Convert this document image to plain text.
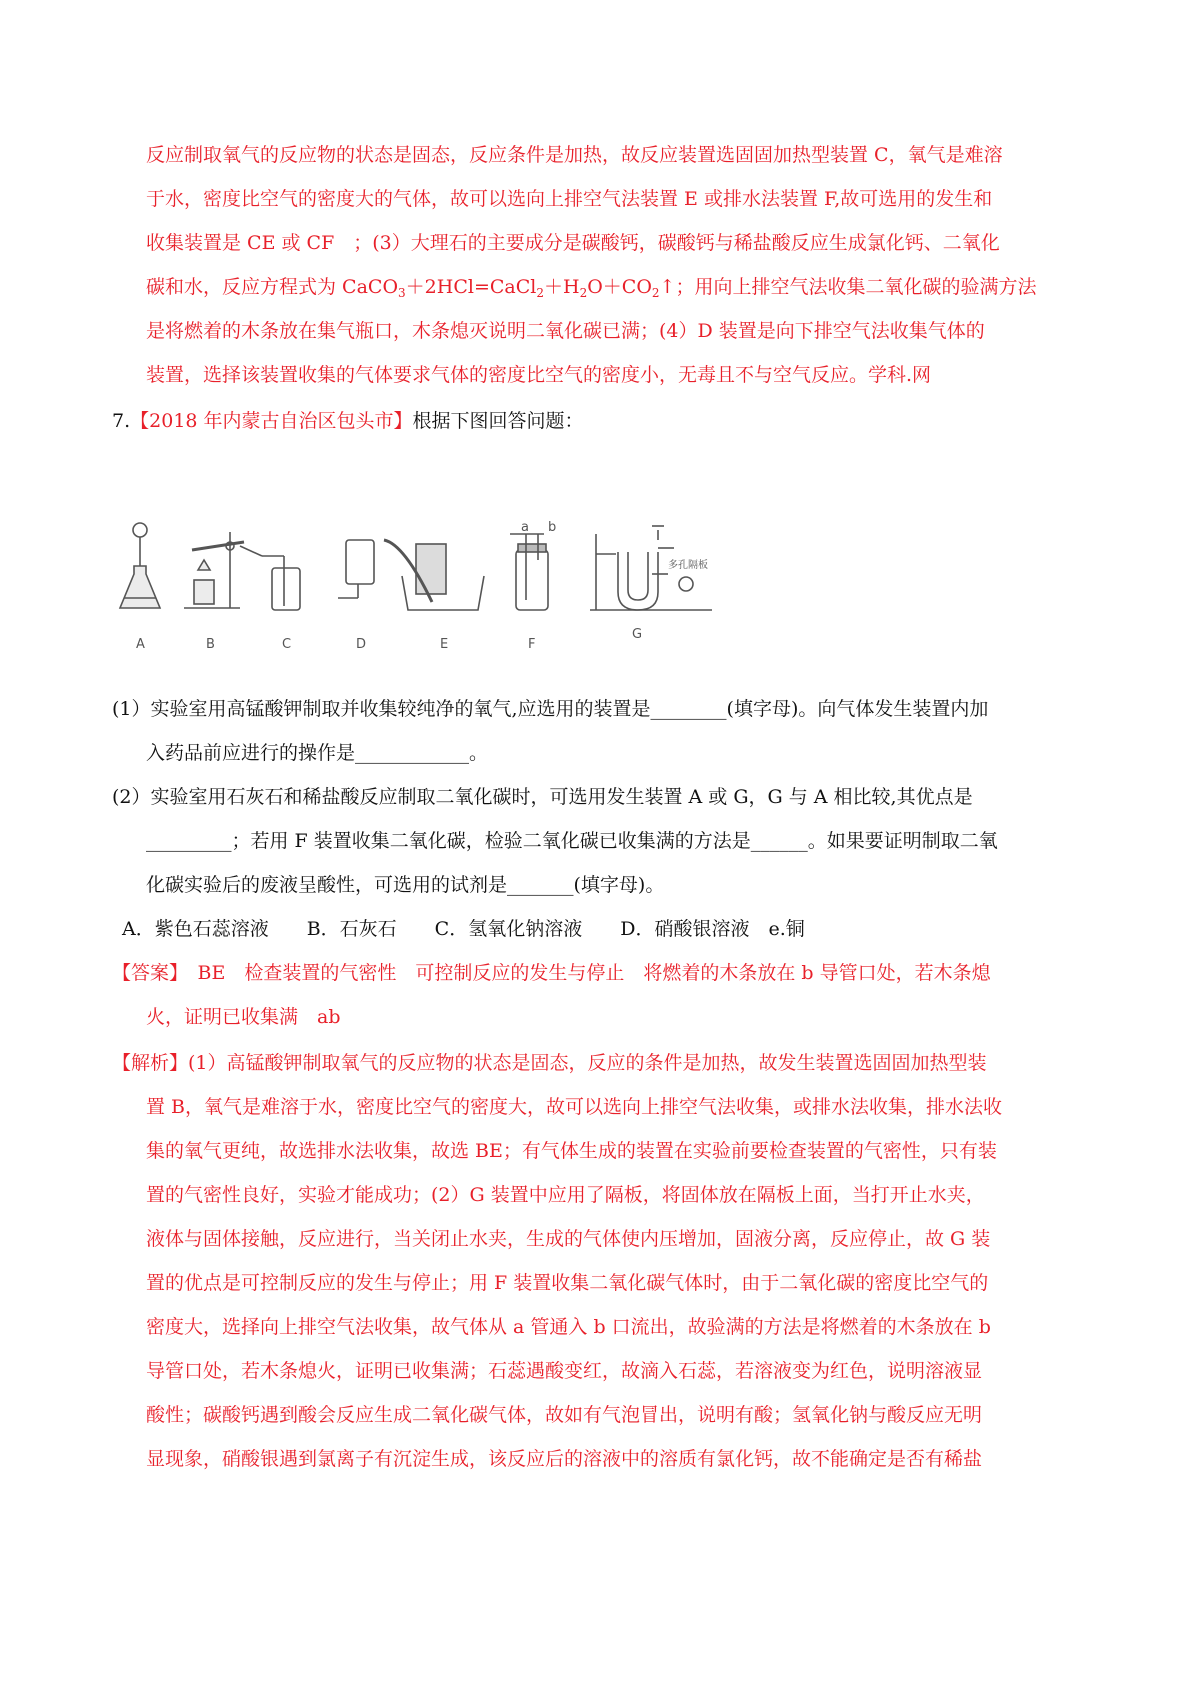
反应制取氧气的反应物的状态是固态，反应条件是加热，故反应装置选固固加热型装置 C，氧气是难溶
于水，密度比空气的密度大的气体，故可以选向上排空气法装置 E 或排水法装置 F,故可选用的发生和
收集装置是 CE 或 CF　；(3）大理石的主要成分是碳酸钙，碳酸钙与稀盐酸反应生成氯化钙、二氧化
碳和水，反应方程式为 $CaCO_3+2HCl=CaCl_2+H_2O+CO_2↑$；用向上排空气法收集二氧化碳的验满方法
是将燃着的木条放在集气瓶口，木条熄灭说明二氧化碳已满；(4）D 装置是向下排空气法收集气体的
装置，选择该装置收集的气体要求气体的密度比空气的密度小，无毒且不与空气反应。学科.网
7.【2018 年内蒙古自治区包头市】根据下图回答问题：
a b
多孔隔板
A	B	C	D	E	F
G
(1）实验室用高锰酸钾制取并收集较纯净的氧气,应选用的装置是________(填字母)。向气体发生装置内加
入药品前应进行的操作是____________。
(2）实验室用石灰石和稀盐酸反应制取二氧化碳时，可选用发生装置 A 或 G，G 与 A 相比较,其优点是
_________；若用 F 装置收集二氧化碳，检验二氧化碳已收集满的方法是______。如果要证明制取二氧
化碳实验后的废液呈酸性，可选用的试剂是_______(填字母)。
A．紫色石蕊溶液　　B．石灰石　　C．氢氧化钠溶液　　D．硝酸银溶液　e.铜
【答案】　BE　检查装置的气密性　可控制反应的发生与停止　将燃着的木条放在 b 导管口处，若木条熄
火，证明已收集满　ab
【解析】(1）高锰酸钾制取氧气的反应物的状态是固态，反应的条件是加热，故发生装置选固固加热型装
置 B，氧气是难溶于水，密度比空气的密度大，故可以选向上排空气法收集，或排水法收集，排水法收
集的氧气更纯，故选排水法收集，故选 BE；有气体生成的装置在实验前要检查装置的气密性，只有装
置的气密性良好，实验才能成功；(2）G 装置中应用了隔板，将固体放在隔板上面，当打开止水夹，
液体与固体接触，反应进行，当关闭止水夹，生成的气体使内压增加，固液分离，反应停止，故 G 装
置的优点是可控制反应的发生与停止；用 F 装置收集二氧化碳气体时，由于二氧化碳的密度比空气的
密度大，选择向上排空气法收集，故气体从 a 管通入 b 口流出，故验满的方法是将燃着的木条放在 b
导管口处，若木条熄火，证明已收集满；石蕊遇酸变红，故滴入石蕊，若溶液变为红色，说明溶液显
酸性；碳酸钙遇到酸会反应生成二氧化碳气体，故如有气泡冒出，说明有酸；氢氧化钠与酸反应无明
显现象，硝酸银遇到氯离子有沉淀生成，该反应后的溶液中的溶质有氯化钙，故不能确定是否有稀盐
